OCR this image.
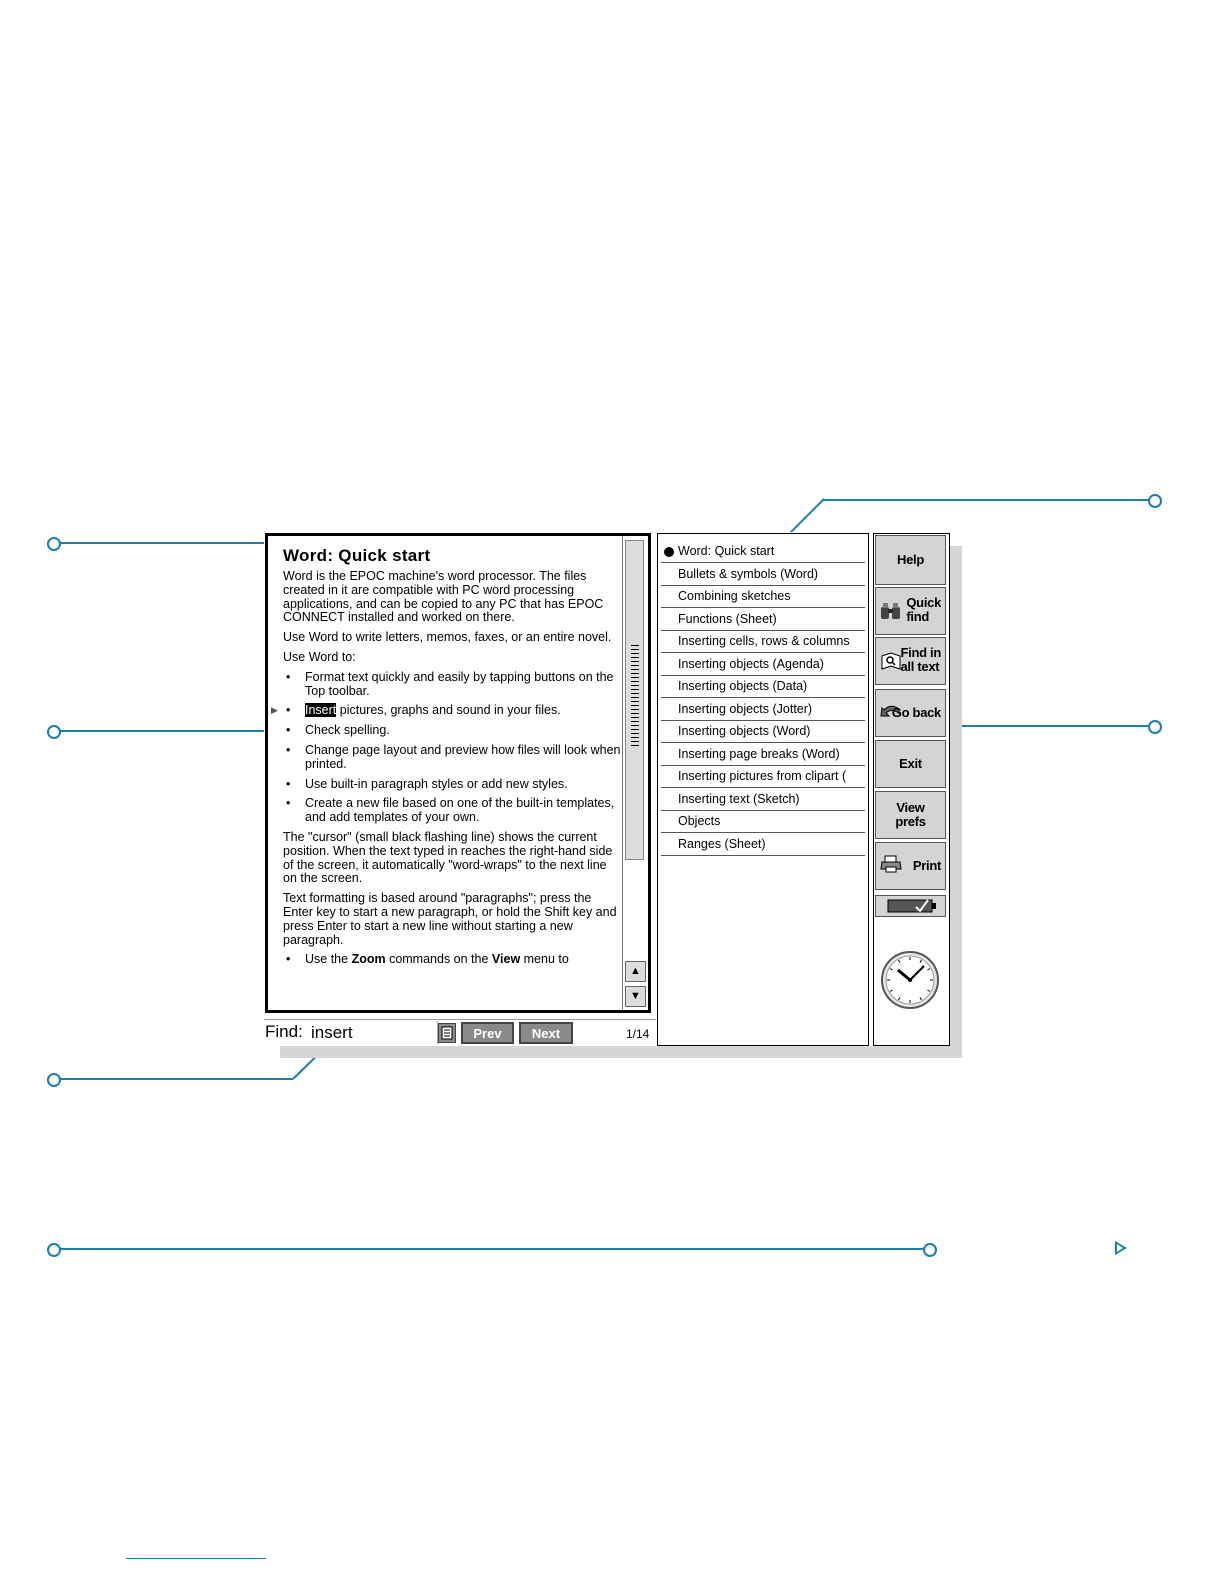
Word: Quick start

Word is the EPOC machine's word processor. The files created in it are compatible with PC word processing applications, and can be copied to any PC that has EPOC CONNECT installed and worked on there.

Use Word to write letters, memos, faxes, or an entire novel.

Use Word to:

• Format text quickly and easily by tapping buttons on the Top toolbar.
• ▶ Insert pictures, graphs and sound in your files.
• Check spelling.
• Change page layout and preview how files will look when printed.
• Use built-in paragraph styles or add new styles.
• Create a new file based on one of the built-in templates, and add templates of your own.

The "cursor" (small black flashing line) shows the current position. When the text typed in reaches the right-hand side of the screen, it automatically "word-wraps" to the next line on the screen.

Text formatting is based around "paragraphs"; press the Enter key to start a new paragraph, or hold the Shift key and press Enter to start a new line without starting a new paragraph.

• Use the Zoom commands on the View menu to
▲
▼
Find:
insert	Prev	Next	1/14
Word: Quick start
Bullets & symbols (Word)
Combining sketches
Functions (Sheet)
Inserting cells, rows & columns
Inserting objects (Agenda)
Inserting objects (Data)
Inserting objects (Jotter)
Inserting objects (Word)
Inserting page breaks (Word)
Inserting pictures from clipart (
Inserting text (Sketch)
Objects
Ranges (Sheet)
Help
Quick
find
Find in
all text
Go back
Exit
View
prefs
Print
